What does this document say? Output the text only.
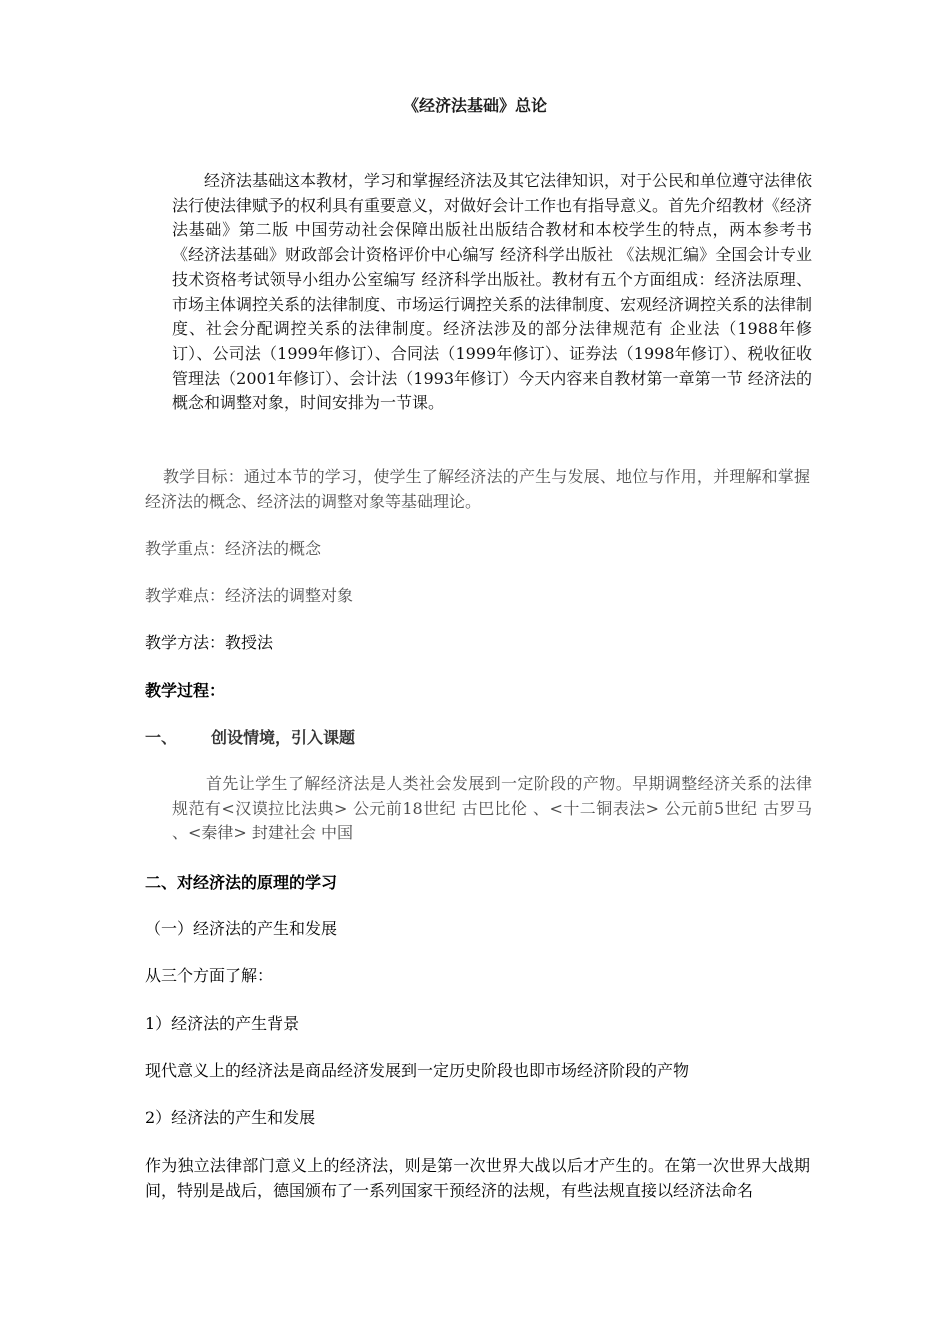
《经济法基础》总论

经济法基础这本教材，学习和掌握经济法及其它法律知识，对于公民和单位遵守法律依法行使法律赋予的权利具有重要意义，对做好会计工作也有指导意义。首先介绍教材《经济法基础》第二版 中国劳动社会保障出版社出版结合教材和本校学生的特点，两本参考书《经济法基础》财政部会计资格评价中心编写 经济科学出版社 《法规汇编》全国会计专业技术资格考试领导小组办公室编写 经济科学出版社。教材有五个方面组成：经济法原理、市场主体调控关系的法律制度、市场运行调控关系的法律制度、宏观经济调控关系的法律制度、社会分配调控关系的法律制度。经济法涉及的部分法律规范有 企业法（1988年修订）、公司法（1999年修订）、合同法（1999年修订）、证券法（1998年修订）、税收征收管理法（2001年修订）、会计法（1993年修订）今天内容来自教材第一章第一节 经济法的概念和调整对象，时间安排为一节课。

教学目标：通过本节的学习，使学生了解经济法的产生与发展、地位与作用，并理解和掌握经济法的概念、经济法的调整对象等基础理论。
教学重点：经济法的概念
教学难点：经济法的调整对象
教学方法：教授法
教学过程：
一、 创设情境，引入课题
首先让学生了解经济法是人类社会发展到一定阶段的产物。早期调整经济关系的法律规范有<汉谟拉比法典> 公元前18世纪 古巴比伦 、<十二铜表法> 公元前5世纪 古罗马 、<秦律> 封建社会 中国
二、对经济法的原理的学习
（一）经济法的产生和发展
从三个方面了解：
1）经济法的产生背景
现代意义上的经济法是商品经济发展到一定历史阶段也即市场经济阶段的产物
2）经济法的产生和发展
作为独立法律部门意义上的经济法，则是第一次世界大战以后才产生的。在第一次世界大战期间，特别是战后，德国颁布了一系列国家干预经济的法规，有些法规直接以经济法命名
